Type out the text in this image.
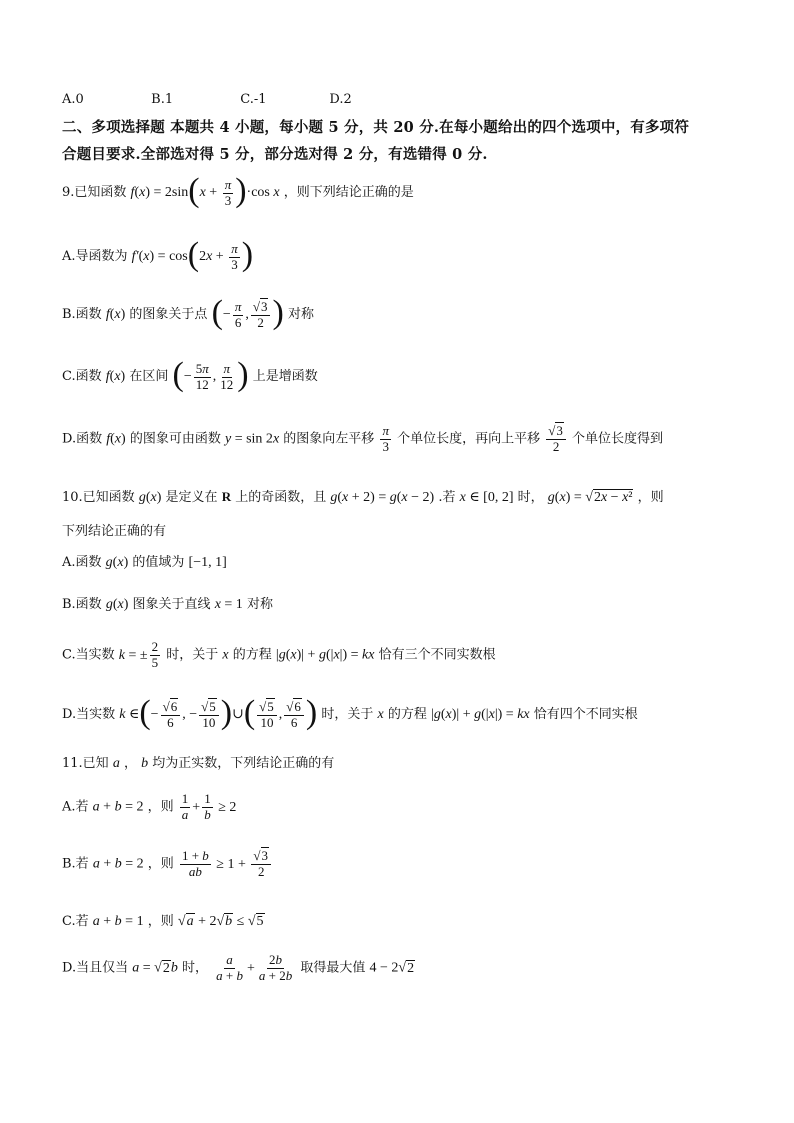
A.0	B.1	C.-1	D.2
二、多项选择题 本题共 4 小题，每小题 5 分，共 20 分.在每小题给出的四个选项中，有多项符
合题目要求.全部选对得 5 分，部分选对得 2 分，有选错得 0 分.
9.已知函数 $f(x) = 2\sin(x + \frac{\pi}{3} )\cdot\cos$ x ，则下列结论正确的是
A.导函数为 $f'(x) = \cos(2x + \frac{\pi}{3}$ )
B.函数 f(x) 的图象关于点 (− $\frac{\pi}{6}$ , $\frac{√3}{2}$ ) 对称
C.函数 f(x) 在区间 (− $\frac{5\pi}{12}$ , $\frac{\pi}{12}$ ) 上是增函数
D.函数 f(x) 的图象可由函数 y = sin 2x 的图象向左平移 $\frac{\pi}{3}$ 个单位长度，再向上平移 $\frac{√3}{2}$ 个单位长度得到
10.已知函数 g(x) 是定义在 R 上的奇函数，且 g(x + 2) = g(x − 2) .若 x ∈ [0, 2] 时， g(x) = √2x − x² ，则
下列结论正确的有
A.函数 g(x) 的值域为 [−1, 1]
B.函数 g(x) 图象关于直线 x = 1 对称
C.当实数 k = ± $\frac{2}{5}$ 时，关于 x 的方程 |g(x)| + g(|x|) = kx 恰有三个不同实数根
D.当实数 k ∈(− $\frac{√6}{6}$ , − $\frac{√5}{10}$ )∪( $\frac{√5}{10}$ , $\frac{√6}{6}$ ) 时，关于 x 的方程 |g(x)| + g(|x|) = kx 恰有四个不同实根
11.已知 a ， b 均为正实数，下列结论正确的有
A.若 a + b = 2 ，则 $\frac{1}{a} + \frac{1}{b} \ge 2$
B.若 a + b = 2 ，则 $\frac{1 + b}{ab} \ge 1 + \frac{√3}{2}$
C.若 a + b = 1 ，则 √a + 2√b ≤ √5
D.当且仅当 a = √2b 时， $\frac{a}{a + b} + \frac{2b}{a + 2b}$ 取得最大值 4 − 2√2
